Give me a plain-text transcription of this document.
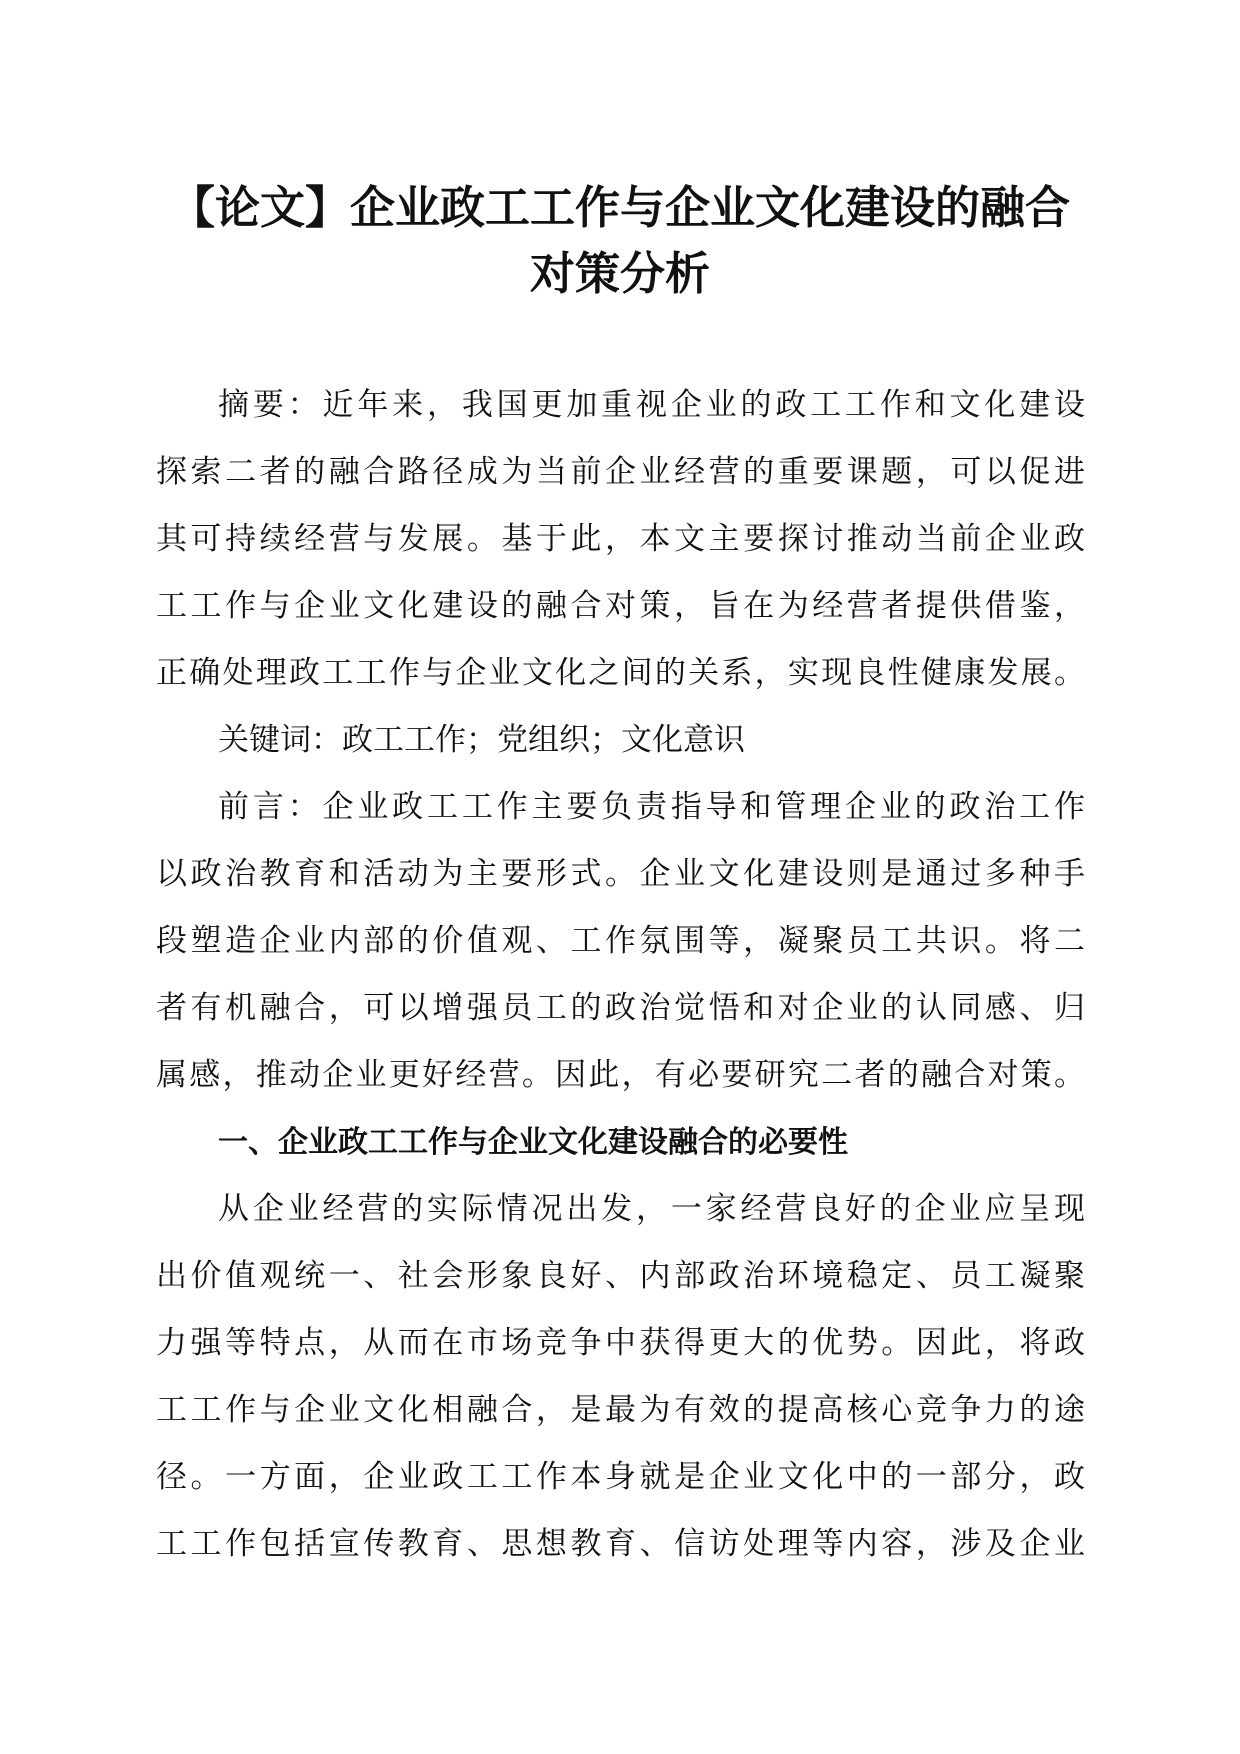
【论文】企业政工工作与企业文化建设的融合
对策分析
摘要：近年来，我国更加重视企业的政工工作和文化建设
探索二者的融合路径成为当前企业经营的重要课题，可以促进
其可持续经营与发展。基于此，本文主要探讨推动当前企业政
工工作与企业文化建设的融合对策，旨在为经营者提供借鉴，
正确处理政工工作与企业文化之间的关系，实现良性健康发展。
关键词：政工工作；党组织；文化意识
前言：企业政工工作主要负责指导和管理企业的政治工作
以政治教育和活动为主要形式。企业文化建设则是通过多种手
段塑造企业内部的价值观、工作氛围等，凝聚员工共识。将二
者有机融合，可以增强员工的政治觉悟和对企业的认同感、归
属感，推动企业更好经营。因此，有必要研究二者的融合对策。
一、企业政工工作与企业文化建设融合的必要性
从企业经营的实际情况出发，一家经营良好的企业应呈现
出价值观统一、社会形象良好、内部政治环境稳定、员工凝聚
力强等特点，从而在市场竞争中获得更大的优势。因此，将政
工工作与企业文化相融合，是最为有效的提高核心竞争力的途
径。一方面，企业政工工作本身就是企业文化中的一部分，政
工工作包括宣传教育、思想教育、信访处理等内容，涉及企业
